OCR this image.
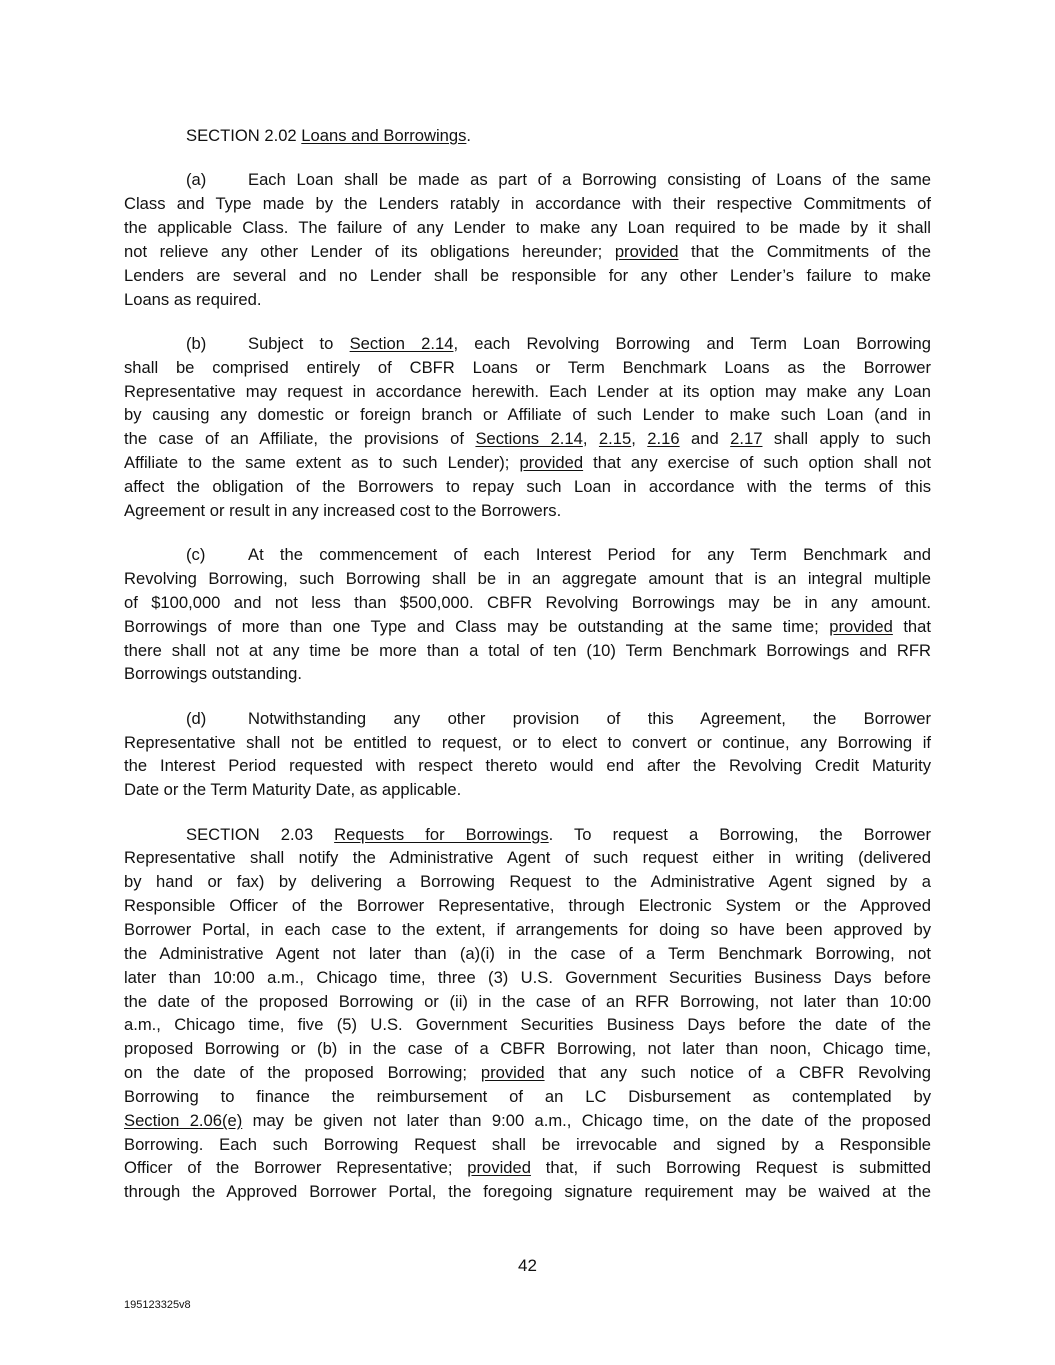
SECTION 2.02 Loans and Borrowings.
(a)	Each Loan shall be made as part of a Borrowing consisting of Loans of the same
Class and Type made by the Lenders ratably in accordance with their respective Commitments of
the applicable Class. The failure of any Lender to make any Loan required to be made by it shall
not relieve any other Lender of its obligations hereunder; provided that the Commitments of the
Lenders are several and no Lender shall be responsible for any other Lender’s failure to make
Loans as required.
(b)	Subject to Section 2.14, each Revolving Borrowing and Term Loan Borrowing
shall be comprised entirely of CBFR Loans or Term Benchmark Loans as the Borrower
Representative may request in accordance herewith. Each Lender at its option may make any Loan
by causing any domestic or foreign branch or Affiliate of such Lender to make such Loan (and in
the case of an Affiliate, the provisions of Sections 2.14, 2.15, 2.16 and 2.17 shall apply to such
Affiliate to the same extent as to such Lender); provided that any exercise of such option shall not
affect the obligation of the Borrowers to repay such Loan in accordance with the terms of this
Agreement or result in any increased cost to the Borrowers.
(c)	At the commencement of each Interest Period for any Term Benchmark and
Revolving Borrowing, such Borrowing shall be in an aggregate amount that is an integral multiple
of $100,000 and not less than $500,000. CBFR Revolving Borrowings may be in any amount.
Borrowings of more than one Type and Class may be outstanding at the same time; provided that
there shall not at any time be more than a total of ten (10) Term Benchmark Borrowings and RFR
Borrowings outstanding.
(d)	Notwithstanding any other provision of this Agreement, the Borrower
Representative shall not be entitled to request, or to elect to convert or continue, any Borrowing if
the Interest Period requested with respect thereto would end after the Revolving Credit Maturity
Date or the Term Maturity Date, as applicable.
SECTION 2.03 Requests for Borrowings. To request a Borrowing, the Borrower
Representative shall notify the Administrative Agent of such request either in writing (delivered
by hand or fax) by delivering a Borrowing Request to the Administrative Agent signed by a
Responsible Officer of the Borrower Representative, through Electronic System or the Approved
Borrower Portal, in each case to the extent, if arrangements for doing so have been approved by
the Administrative Agent not later than (a)(i) in the case of a Term Benchmark Borrowing, not
later than 10:00 a.m., Chicago time, three (3) U.S. Government Securities Business Days before
the date of the proposed Borrowing or (ii) in the case of an RFR Borrowing, not later than 10:00
a.m., Chicago time, five (5) U.S. Government Securities Business Days before the date of the
proposed Borrowing or (b) in the case of a CBFR Borrowing, not later than noon, Chicago time,
on the date of the proposed Borrowing; provided that any such notice of a CBFR Revolving
Borrowing to finance the reimbursement of an LC Disbursement as contemplated by
Section 2.06(e) may be given not later than 9:00 a.m., Chicago time, on the date of the proposed
Borrowing. Each such Borrowing Request shall be irrevocable and signed by a Responsible
Officer of the Borrower Representative; provided that, if such Borrowing Request is submitted
through the Approved Borrower Portal, the foregoing signature requirement may be waived at the
42
195123325v8
